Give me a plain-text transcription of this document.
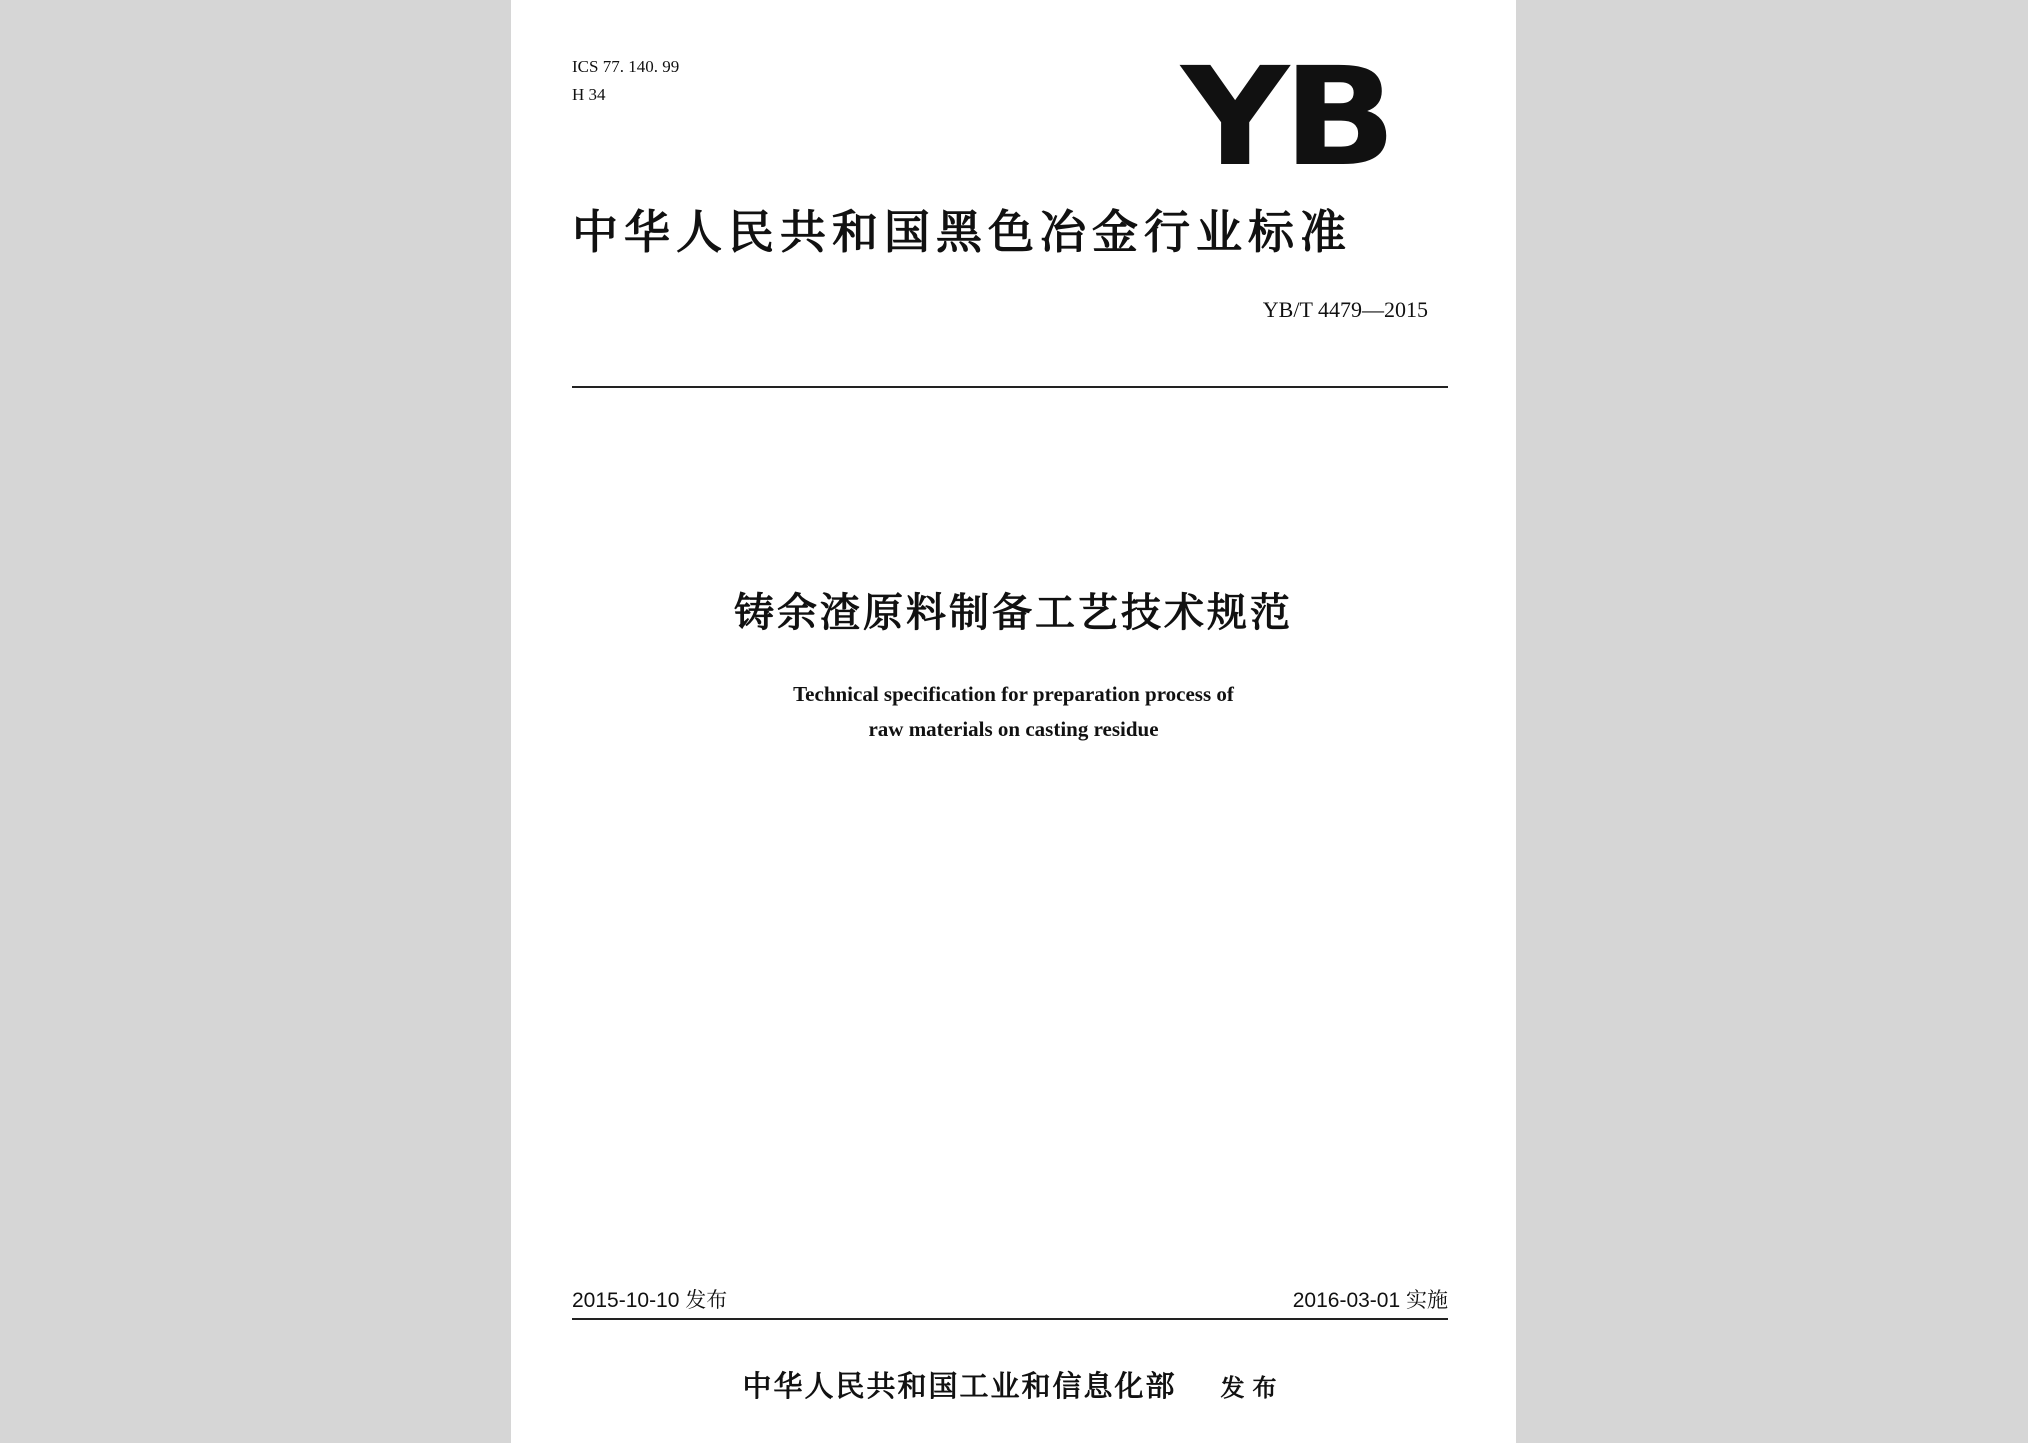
ICS 77. 140. 99
H 34	YB
中华人民共和国黑色冶金行业标准
YB/T 4479—2015
铸余渣原料制备工艺技术规范
Technical specification for preparation process of
raw materials on casting residue
2015-10-10 发布	2016-03-01 实施
中华人民共和国工业和信息化部 发布
